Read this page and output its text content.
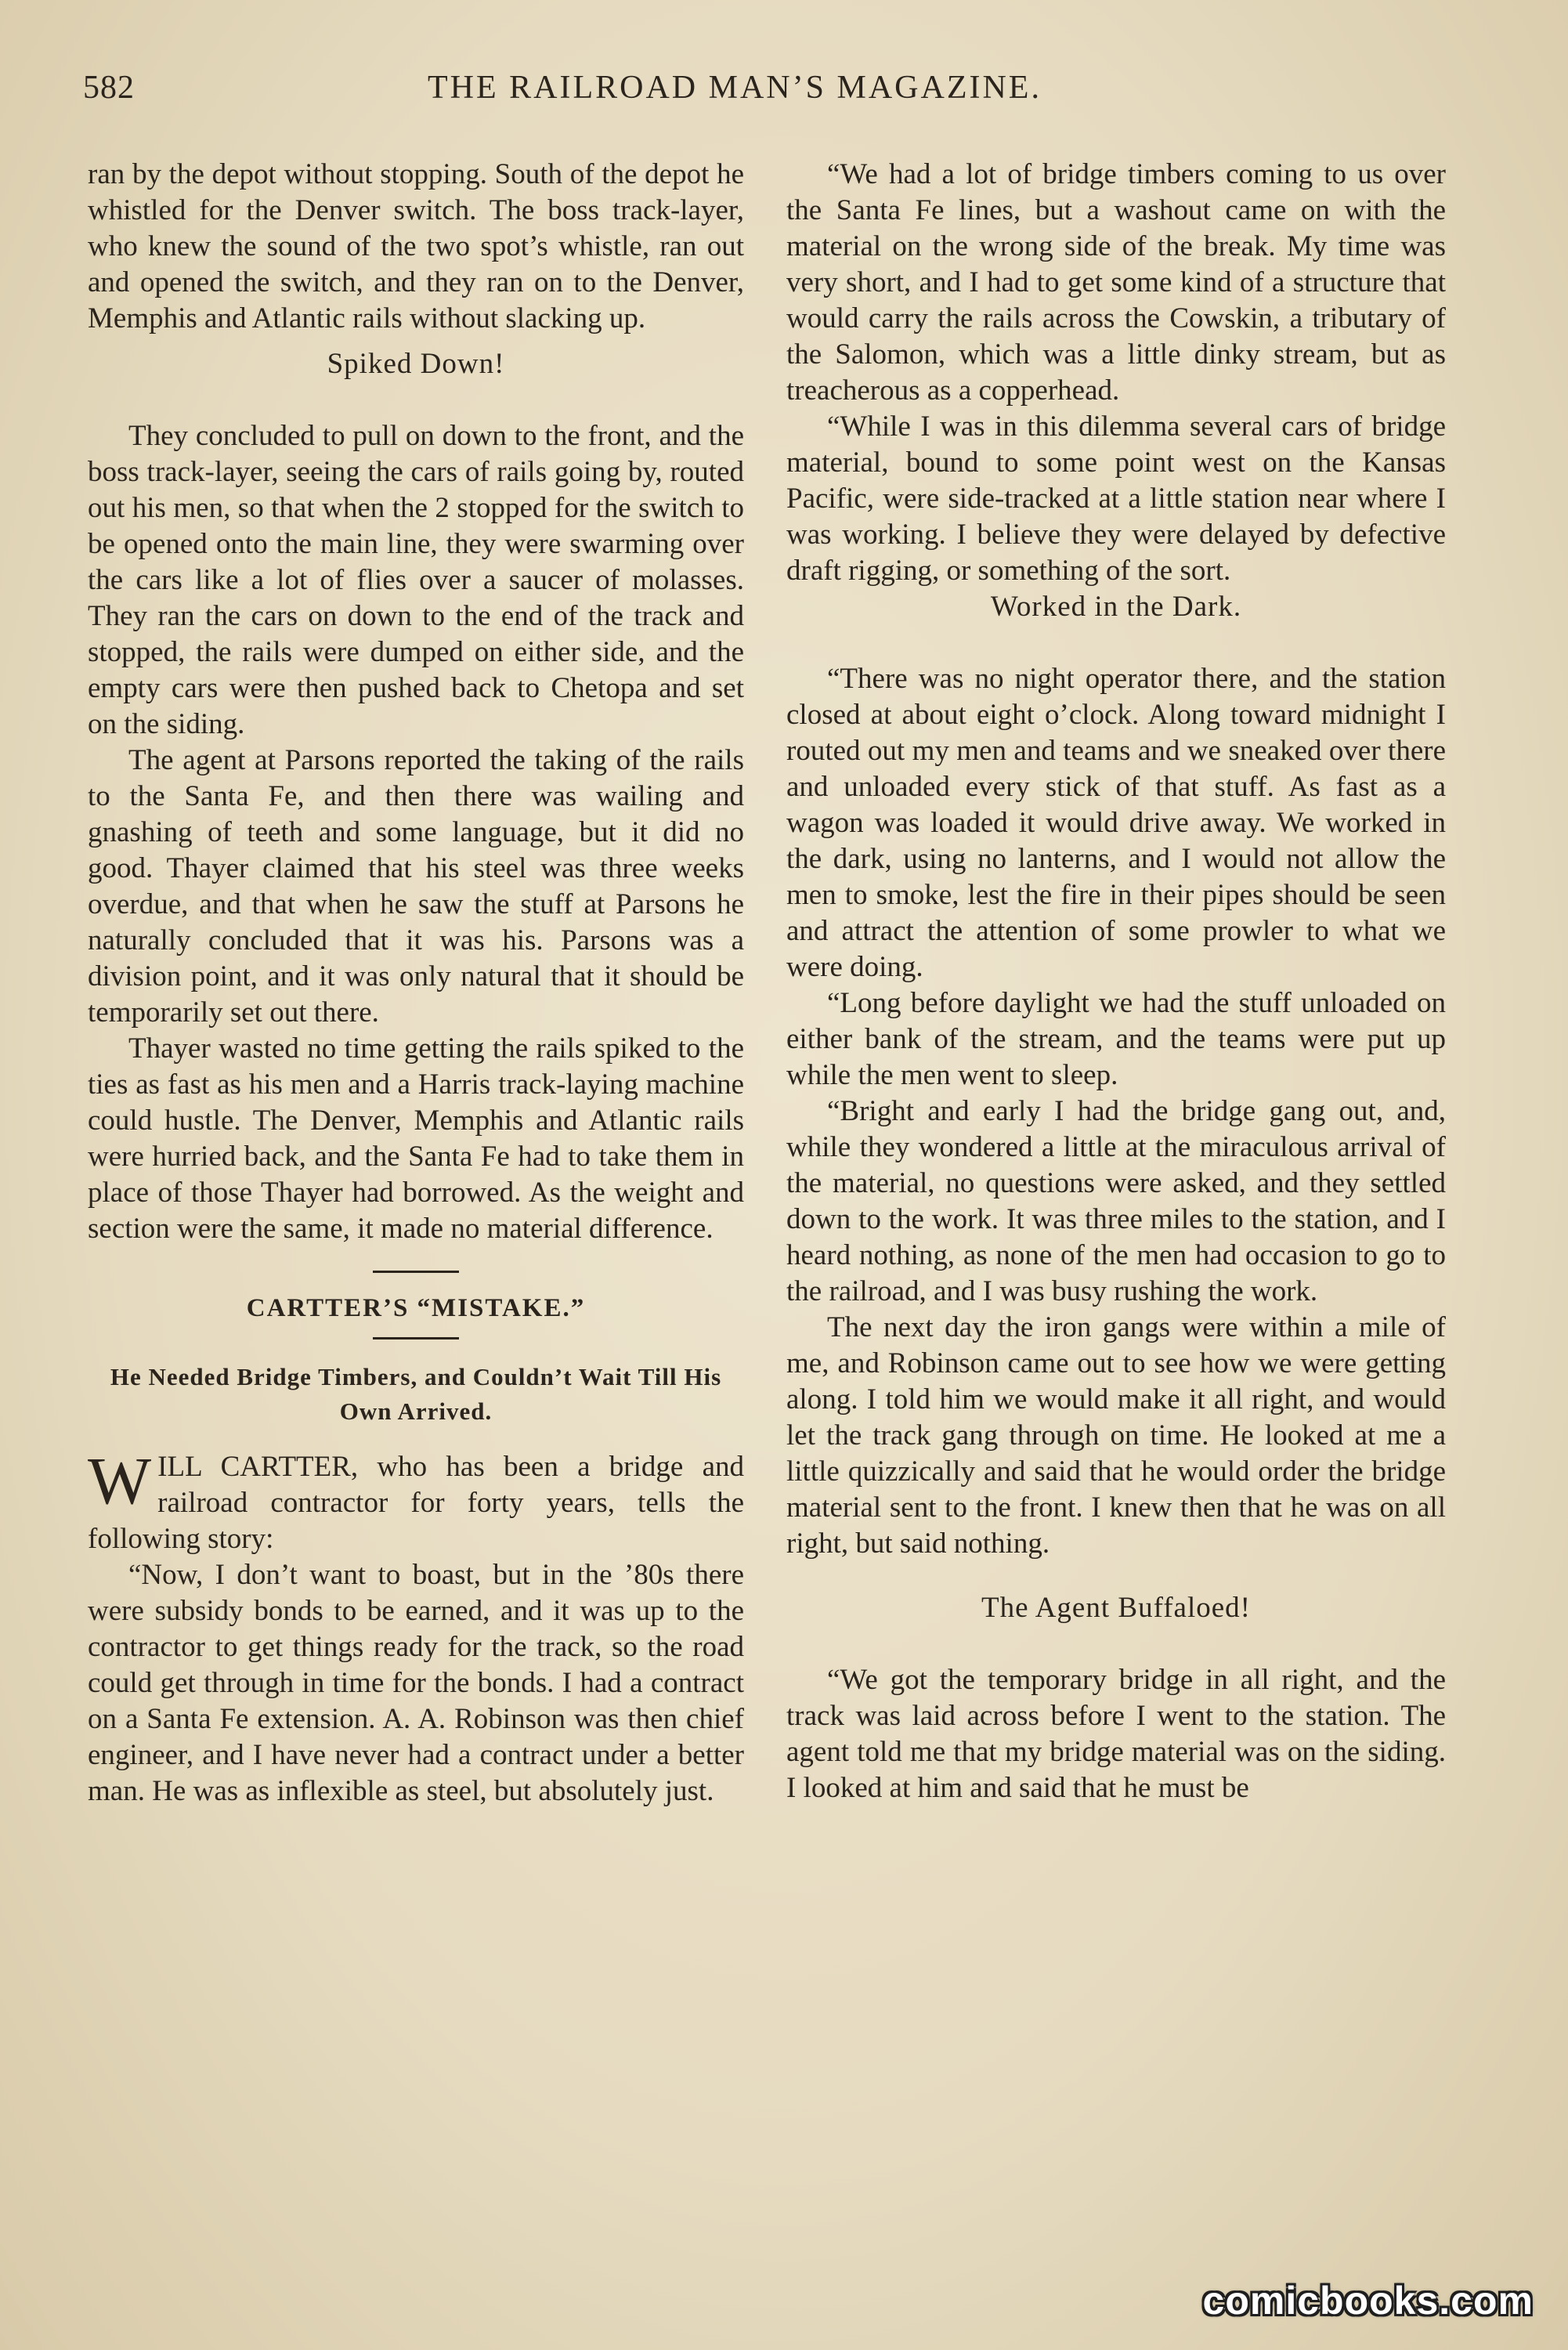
582	THE RAILROAD MAN’S MAGAZINE.

ran by the depot without stopping. South of the depot he whistled for the Denver switch. The boss track-layer, who knew the sound of the two spot’s whistle, ran out and opened the switch, and they ran on to the Denver, Memphis and Atlantic rails without slacking up.

Spiked Down!

They concluded to pull on down to the front, and the boss track-layer, seeing the cars of rails going by, routed out his men, so that when the 2 stopped for the switch to be opened onto the main line, they were swarming over the cars like a lot of flies over a saucer of molasses. They ran the cars on down to the end of the track and stopped, the rails were dumped on either side, and the empty cars were then pushed back to Chetopa and set on the siding.

The agent at Parsons reported the taking of the rails to the Santa Fe, and then there was wailing and gnashing of teeth and some language, but it did no good. Thayer claimed that his steel was three weeks overdue, and that when he saw the stuff at Parsons he naturally concluded that it was his. Parsons was a division point, and it was only natural that it should be temporarily set out there.

Thayer wasted no time getting the rails spiked to the ties as fast as his men and a Harris track-laying machine could hustle. The Denver, Memphis and Atlantic rails were hurried back, and the Santa Fe had to take them in place of those Thayer had borrowed. As the weight and section were the same, it made no material difference.

CARTTER’S “MISTAKE.”

He Needed Bridge Timbers, and Couldn’t Wait Till His Own Arrived.

WILL CARTTER, who has been a bridge and railroad contractor for forty years, tells the following story:

“Now, I don’t want to boast, but in the ’80s there were subsidy bonds to be earned, and it was up to the contractor to get things ready for the track, so the road could get through in time for the bonds. I had a contract on a Santa Fe extension. A. A. Robinson was then chief engineer, and I have never had a contract under a better man. He was as inflexible as steel, but absolutely just.

“We had a lot of bridge timbers coming to us over the Santa Fe lines, but a washout came on with the material on the wrong side of the break. My time was very short, and I had to get some kind of a structure that would carry the rails across the Cowskin, a tributary of the Salomon, which was a little dinky stream, but as treacherous as a copperhead.

“While I was in this dilemma several cars of bridge material, bound to some point west on the Kansas Pacific, were side-tracked at a little station near where I was working. I believe they were delayed by defective draft rigging, or something of the sort.

Worked in the Dark.

“There was no night operator there, and the station closed at about eight o’clock. Along toward midnight I routed out my men and teams and we sneaked over there and unloaded every stick of that stuff. As fast as a wagon was loaded it would drive away. We worked in the dark, using no lanterns, and I would not allow the men to smoke, lest the fire in their pipes should be seen and attract the attention of some prowler to what we were doing.

“Long before daylight we had the stuff unloaded on either bank of the stream, and the teams were put up while the men went to sleep.

“Bright and early I had the bridge gang out, and, while they wondered a little at the miraculous arrival of the material, no questions were asked, and they settled down to the work. It was three miles to the station, and I heard nothing, as none of the men had occasion to go to the railroad, and I was busy rushing the work.

The next day the iron gangs were within a mile of me, and Robinson came out to see how we were getting along. I told him we would make it all right, and would let the track gang through on time. He looked at me a little quizzically and said that he would order the bridge material sent to the front. I knew then that he was on all right, but said nothing.

The Agent Buffaloed!

“We got the temporary bridge in all right, and the track was laid across before I went to the station. The agent told me that my bridge material was on the siding. I looked at him and said that he must be

comicbooks.com
